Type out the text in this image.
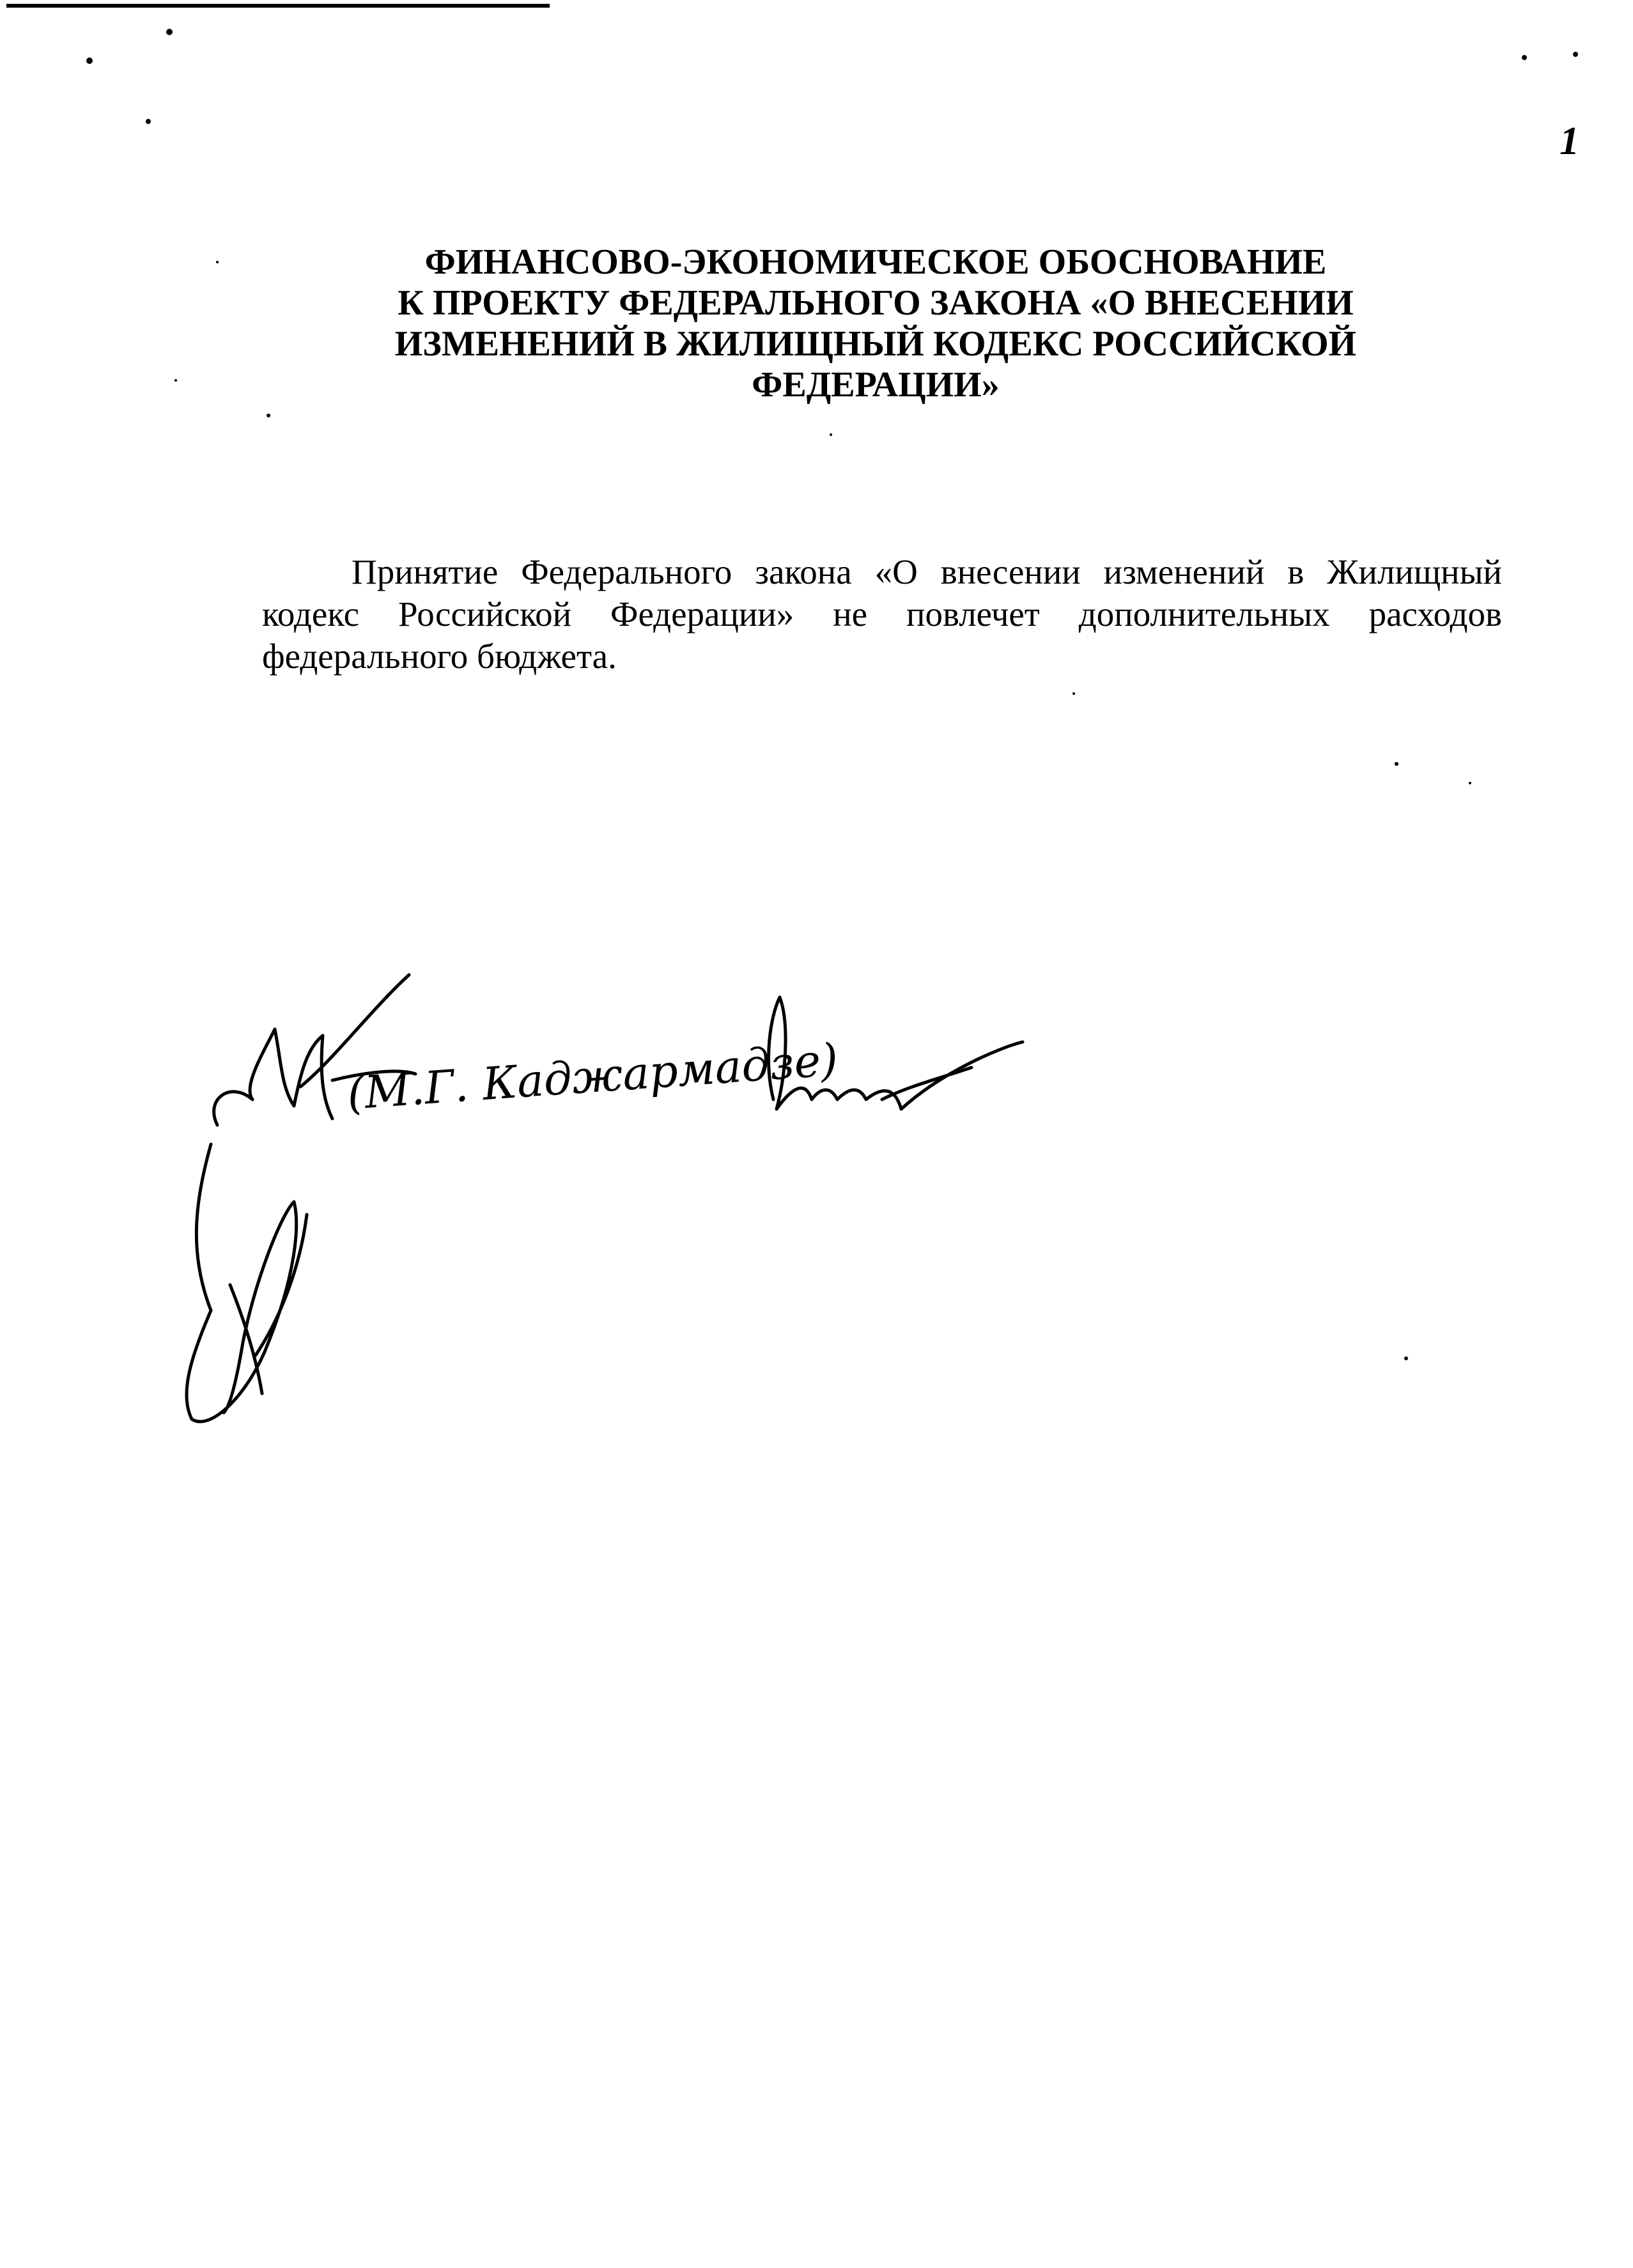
1
ФИНАНСОВО-ЭКОНОМИЧЕСКОЕ ОБОСНОВАНИЕ
К ПРОЕКТУ ФЕДЕРАЛЬНОГО ЗАКОНА «О ВНЕСЕНИИ
ИЗМЕНЕНИЙ В ЖИЛИЩНЫЙ КОДЕКС РОССИЙСКОЙ
ФЕДЕРАЦИИ»
Принятие Федерального закона «О внесении изменений в Жилищный кодекс Российской Федерации» не повлечет дополнительных расходов федерального бюджета.
(М.Г. Каджармадзе)
